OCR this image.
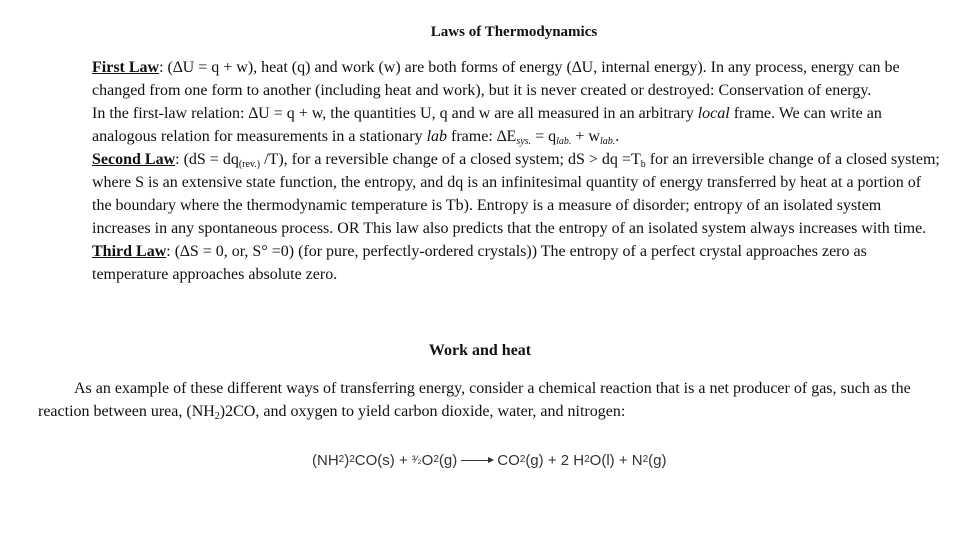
Laws of Thermodynamics

First Law: (∆U = q + w), heat (q) and work (w) are both forms of energy (∆U, internal energy). In any process, energy can be changed from one form to another (including heat and work), but it is never created or destroyed: Conservation of energy.

In the first-law relation: ∆U = q + w, the quantities U, q and w are all measured in an arbitrary local frame. We can write an analogous relation for measurements in a stationary lab frame: $\Delta E_{sys.} = q_{lab.} + w_{lab.}$.

Second Law: ($dS = dq_{(rev.)}$ /T), for a reversible change of a closed system; dS > dq $=T_b$ for an irreversible change of a closed system; where S is an extensive state function, the entropy, and dq is an infinitesimal quantity of energy transferred by heat at a portion of the boundary where the thermodynamic temperature is Tb). Entropy is a measure of disorder; entropy of an isolated system increases in any spontaneous process. OR This law also predicts that the entropy of an isolated system always increases with time.

Third Law: (∆S = 0, or, S° =0) (for pure, perfectly-ordered crystals)) The entropy of a perfect crystal approaches zero as temperature approaches absolute zero.

Work and heat
As an example of these different ways of transferring energy, consider a chemical reaction that is a net producer of gas, such as the reaction between urea, $(NH_2)2CO$, and oxygen to yield carbon dioxide, water, and nitrogen:
(NH 2 ) 2 CO(s) +
³⁄₂ O 2 (g) → CO 2 (g) + 2 H 2 O(l) + N 2 (g)
